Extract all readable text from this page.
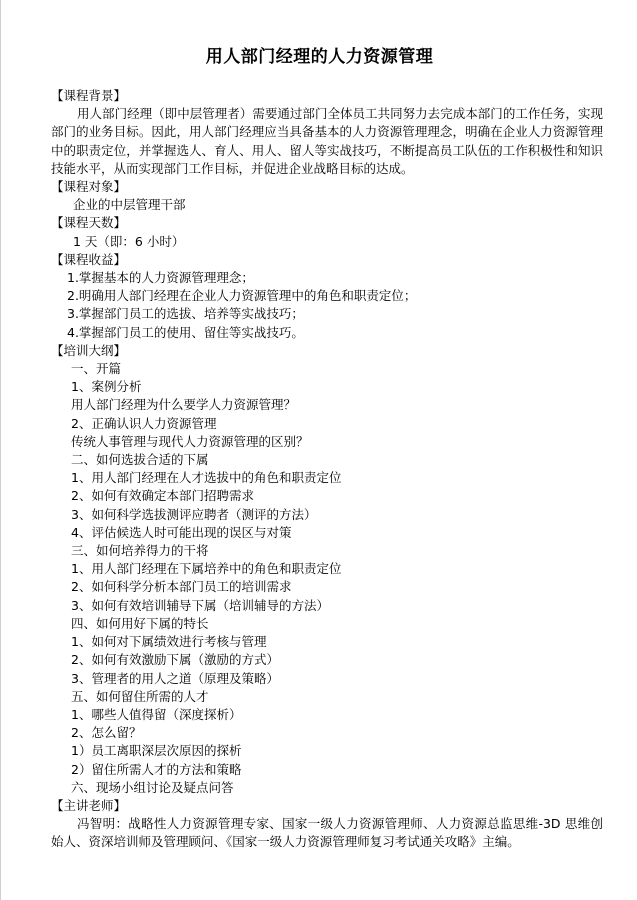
用人部门经理的人力资源管理
【课程背景】
用人部门经理（即中层管理者）需要通过部门全体员工共同努力去完成本部门的工作任务，实现部门的业务目标。因此，用人部门经理应当具备基本的人力资源管理理念，明确在企业人力资源管理中的职责定位，并掌握选人、育人、用人、留人等实战技巧，不断提高员工队伍的工作积极性和知识技能水平，从而实现部门工作目标，并促进企业战略目标的达成。
【课程对象】
企业的中层管理干部
【课程天数】
1 天（即：6 小时）
【课程收益】
1.掌握基本的人力资源管理理念；
2.明确用人部门经理在企业人力资源管理中的角色和职责定位；
3.掌握部门员工的选拔、培养等实战技巧；
4.掌握部门员工的使用、留住等实战技巧。
【培训大纲】
一、开篇
1、案例分析
用人部门经理为什么要学人力资源管理？
2、正确认识人力资源管理
传统人事管理与现代人力资源管理的区别？
二、如何选拔合适的下属
1、用人部门经理在人才选拔中的角色和职责定位
2、如何有效确定本部门招聘需求
3、如何科学选拔测评应聘者（测评的方法）
4、评估候选人时可能出现的误区与对策
三、如何培养得力的干将
1、用人部门经理在下属培养中的角色和职责定位
2、如何科学分析本部门员工的培训需求
3、如何有效培训辅导下属（培训辅导的方法）
四、如何用好下属的特长
1、如何对下属绩效进行考核与管理
2、如何有效激励下属（激励的方式）
3、管理者的用人之道（原理及策略）
五、如何留住所需的人才
1、哪些人值得留（深度探析）
2、怎么留？
1）员工离职深层次原因的探析
2）留住所需人才的方法和策略
六、现场小组讨论及疑点问答
【主讲老师】
冯智明：战略性人力资源管理专家、国家一级人力资源管理师、人力资源总监思维-3D 思维创始人、资深培训师及管理顾问、《国家一级人力资源管理师复习考试通关攻略》主编。
